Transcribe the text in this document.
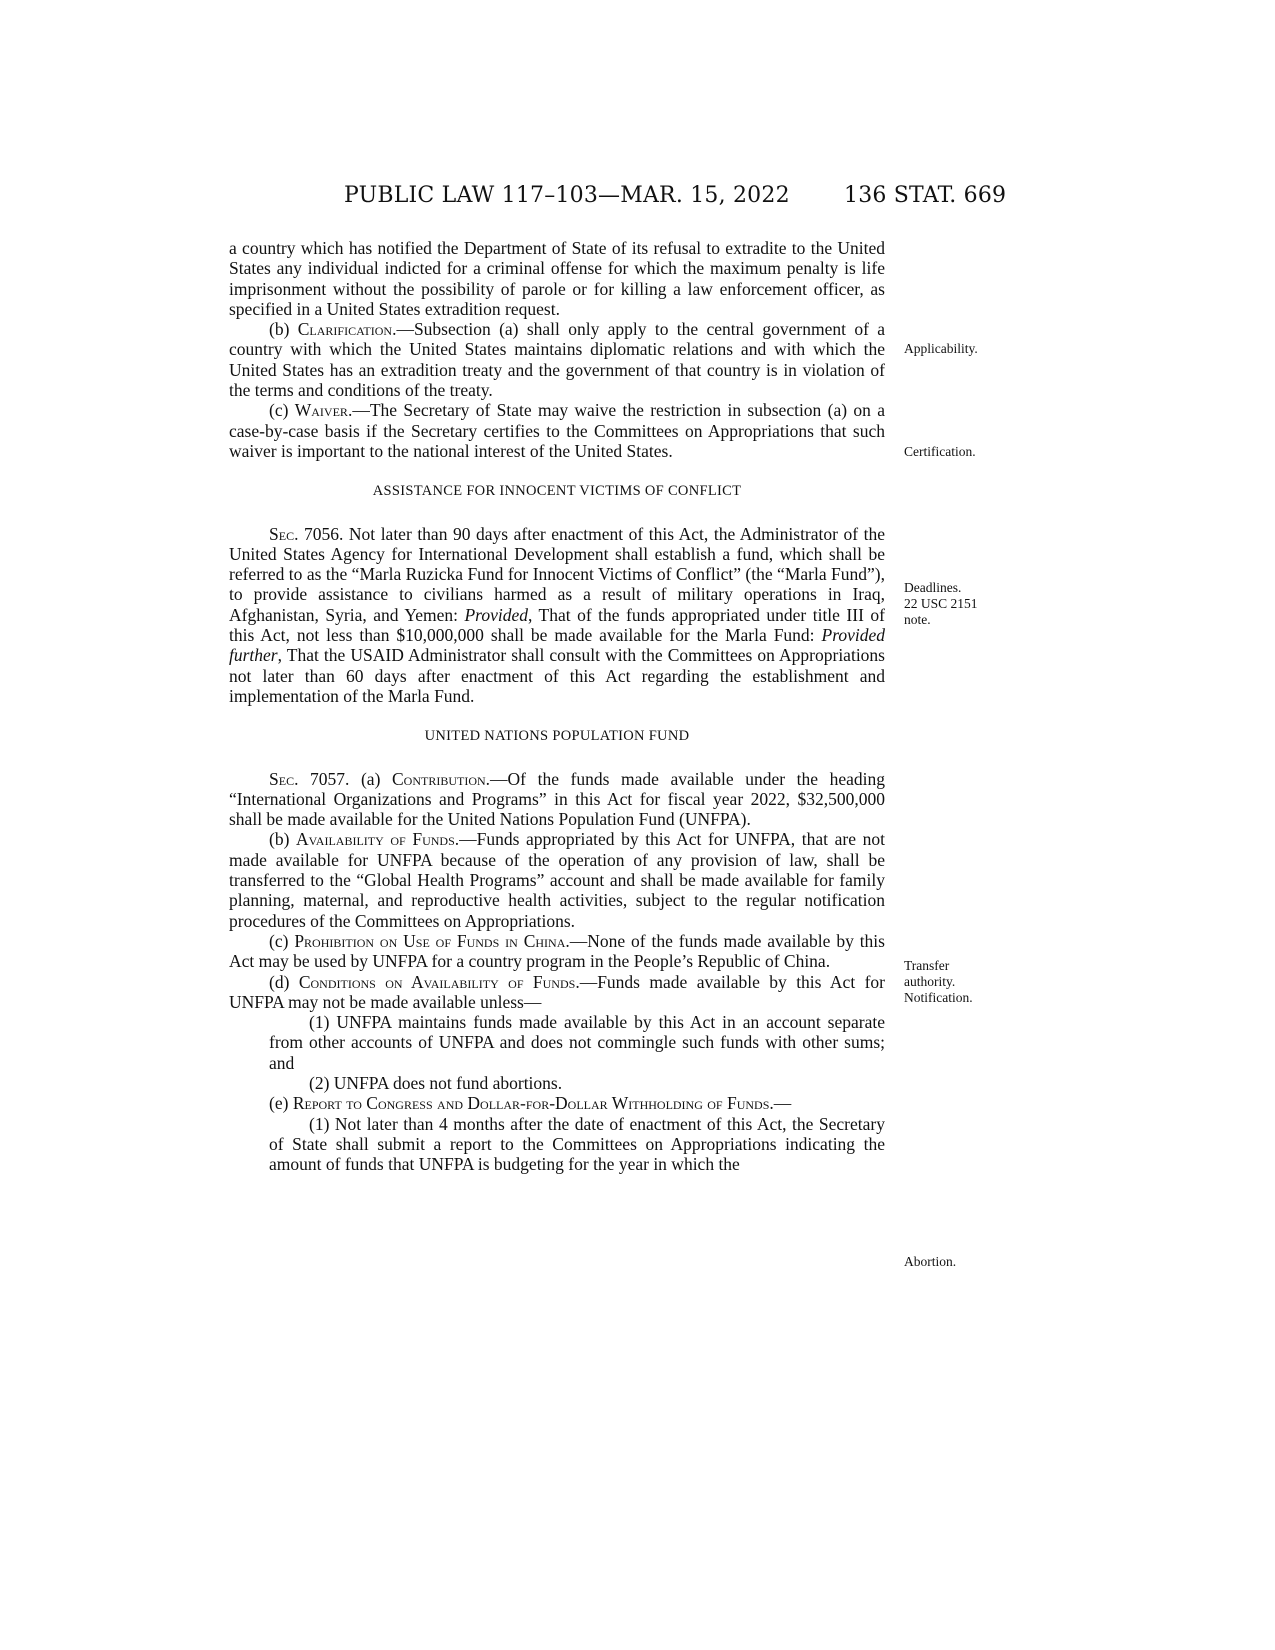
PUBLIC LAW 117–103—MAR. 15, 2022 136 STAT. 669

a country which has notified the Department of State of its refusal to extradite to the United States any individual indicted for a criminal offense for which the maximum penalty is life imprisonment without the possibility of parole or for killing a law enforcement officer, as specified in a United States extradition request.

(b) Clarification.—Subsection (a) shall only apply to the central government of a country with which the United States maintains diplomatic relations and with which the United States has an extradition treaty and the government of that country is in violation of the terms and conditions of the treaty.

(c) Waiver.—The Secretary of State may waive the restriction in subsection (a) on a case-by-case basis if the Secretary certifies to the Committees on Appropriations that such waiver is important to the national interest of the United States.

ASSISTANCE FOR INNOCENT VICTIMS OF CONFLICT

Sec. 7056. Not later than 90 days after enactment of this Act, the Administrator of the United States Agency for International Development shall establish a fund, which shall be referred to as the “Marla Ruzicka Fund for Innocent Victims of Conflict” (the “Marla Fund”), to provide assistance to civilians harmed as a result of military operations in Iraq, Afghanistan, Syria, and Yemen: Provided, That of the funds appropriated under title III of this Act, not less than $10,000,000 shall be made available for the Marla Fund: Provided further, That the USAID Administrator shall consult with the Committees on Appropriations not later than 60 days after enactment of this Act regarding the establishment and implementation of the Marla Fund.

UNITED NATIONS POPULATION FUND

Sec. 7057. (a) Contribution.—Of the funds made available under the heading “International Organizations and Programs” in this Act for fiscal year 2022, $32,500,000 shall be made available for the United Nations Population Fund (UNFPA).

(b) Availability of Funds.—Funds appropriated by this Act for UNFPA, that are not made available for UNFPA because of the operation of any provision of law, shall be transferred to the “Global Health Programs” account and shall be made available for family planning, maternal, and reproductive health activities, subject to the regular notification procedures of the Committees on Appropriations.

(c) Prohibition on Use of Funds in China.—None of the funds made available by this Act may be used by UNFPA for a country program in the People’s Republic of China.

(d) Conditions on Availability of Funds.—Funds made available by this Act for UNFPA may not be made available unless—

(1) UNFPA maintains funds made available by this Act in an account separate from other accounts of UNFPA and does not commingle such funds with other sums; and

(2) UNFPA does not fund abortions.

(e) Report to Congress and Dollar-for-Dollar Withholding of Funds.—

(1) Not later than 4 months after the date of enactment of this Act, the Secretary of State shall submit a report to the Committees on Appropriations indicating the amount of funds that UNFPA is budgeting for the year in which the

Applicability.
Certification.
Deadlines.
22 USC 2151
note.
Transfer
authority.
Notification.
Abortion.
